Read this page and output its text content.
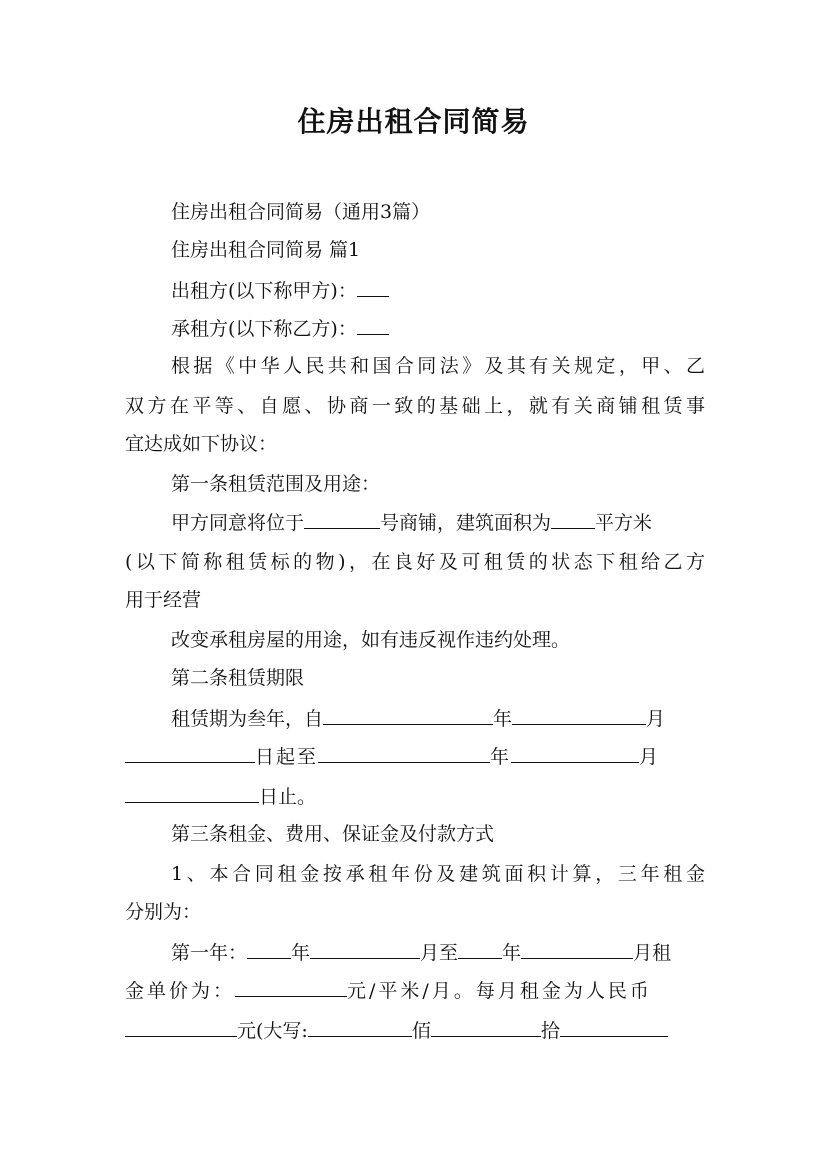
住房出租合同简易
住房出租合同简易（通用3篇）
住房出租合同简易 篇1
出租方(以下称甲方)：
承租方(以下称乙方)：
根据《中华人民共和国合同法》及其有关规定，甲、乙
双方在平等、自愿、协商一致的基础上，就有关商铺租赁事
宜达成如下协议：
第一条租赁范围及用途：
甲方同意将位于	号商铺，建筑面积为 平方米
(以下简称租赁标的物)，在良好及可租赁的状态下租给乙方
用于经营
改变承租房屋的用途，如有违反视作违约处理。
第二条租赁期限
租赁期为叁年，自	年	月
日起至	年	月
日止。
第三条租金、费用、保证金及付款方式
1、本合同租金按承租年份及建筑面积计算，三年租金
分别为：
第一年： 年	月至 年	月租
金单价为：	元/平米/月。每月租金为人民币
元(大写:	佰	拾
